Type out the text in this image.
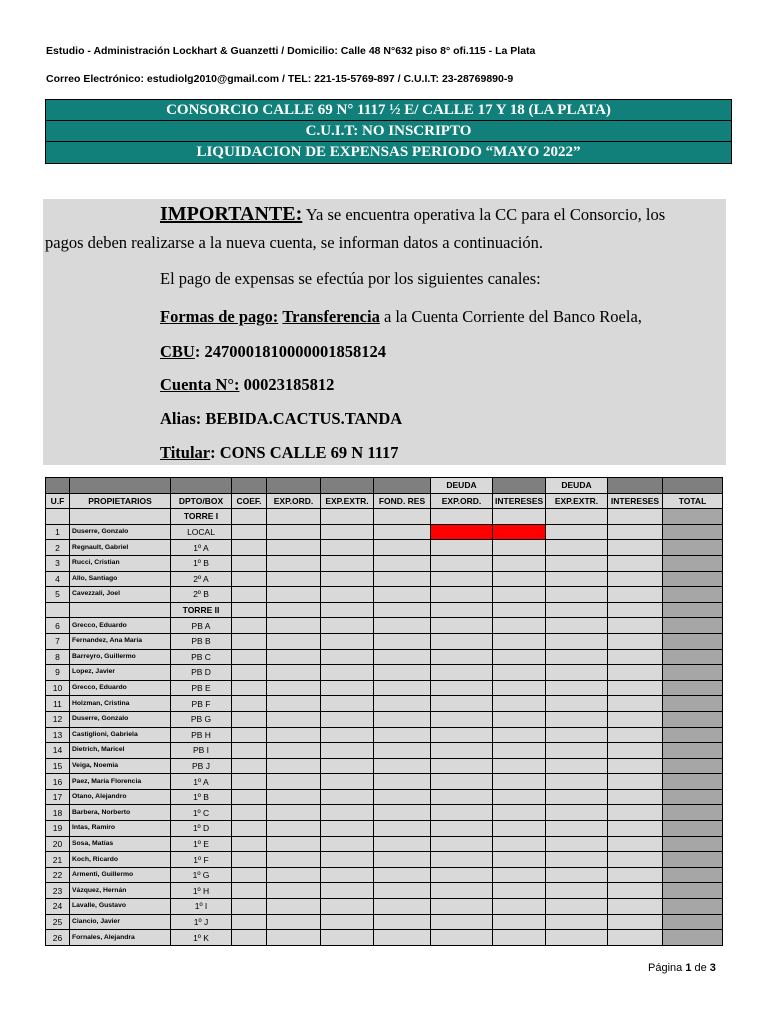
Estudio - Administración Lockhart & Guanzetti / Domicilio: Calle 48 N°632 piso 8° ofi.115 - La Plata
Correo Electrónico: estudiolg2010@gmail.com / TEL: 221-15-5769-897 / C.U.I.T: 23-28769890-9
CONSORCIO CALLE 69 N° 1117 ½ E/ CALLE 17 Y 18 (LA PLATA)
C.U.I.T: NO INSCRIPTO
LIQUIDACION DE EXPENSAS PERIODO “MAYO 2022”
IMPORTANTE: Ya se encuentra operativa la CC para el Consorcio, los
pagos deben realizarse a la nueva cuenta, se informan datos a continuación.
El pago de expensas se efectúa por los siguientes canales:
Formas de pago: Transferencia a la Cuenta Corriente del Banco Roela,
CBU: 2470001810000001858124
Cuenta N°: 00023185812
Alias: BEBIDA.CACTUS.TANDA
Titular: CONS CALLE 69 N 1117
							DEUDA		DEUDA		
U.F	PROPIETARIOS	DPTO/BOX	COEF.	EXP.ORD.	EXP.EXTR.	FOND. RES	EXP.ORD.	INTERESES	EXP.EXTR.	INTERESES	TOTAL
		TORRE I									
1	Duserre, Gonzalo	LOCAL									
2	Regnault, Gabriel	1º A									
3	Rucci, Cristian	1º B									
4	Allo, Santiago	2º A									
5	Cavezzali, Joel	2º B									
		TORRE II									
6	Grecco, Eduardo	PB A									
7	Fernandez, Ana María	PB B									
8	Barreyro, Guillermo	PB C									
9	Lopez, Javier	PB D									
10	Grecco, Eduardo	PB E									
11	Holzman, Cristina	PB F									
12	Duserre, Gonzalo	PB G									
13	Castiglioni, Gabriela	PB H									
14	Dietrich, Maricel	PB I									
15	Veiga, Noemia	PB J									
16	Paez, María Florencia	1º A									
17	Otano, Alejandro	1º B									
18	Barbera, Norberto	1º C									
19	Intas, Ramiro	1º D									
20	Sosa, Matías	1º E									
21	Koch, Ricardo	1º F									
22	Armenti, Guillermo	1º G									
23	Vázquez, Hernán	1º H									
24	Lavalle, Gustavo	1º I									
25	Ciancio, Javier	1º J									
26	Fornales, Alejandra	1º K									
Página 1 de 3
